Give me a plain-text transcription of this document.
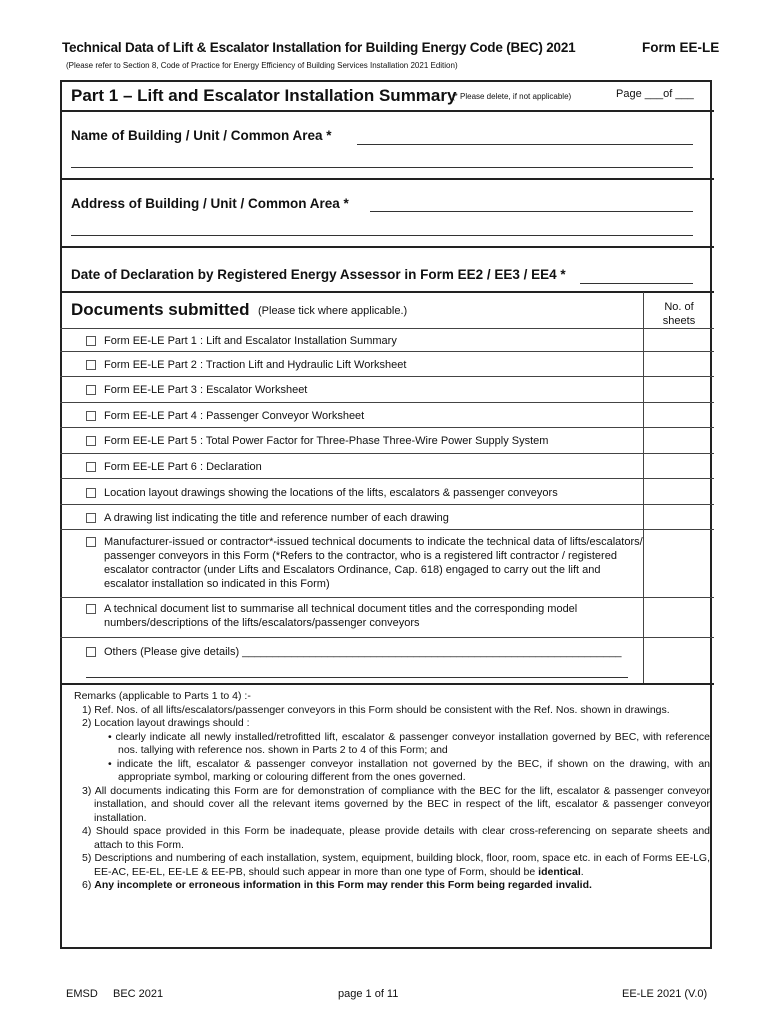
Technical Data of Lift & Escalator Installation for Building Energy Code (BEC) 2021	Form EE-LE
(Please refer to Section 8, Code of Practice for Energy Efficiency of Building Services Installation 2021 Edition)
Part 1 – Lift and Escalator Installation Summary
(* Please delete, if not applicable)	Page ___of ___
Name of Building / Unit / Common Area *
Address of Building / Unit / Common Area *
Date of Declaration by Registered Energy Assessor in Form EE2 / EE3 / EE4 *
Documents submitted (Please tick where applicable.)	No. of
sheets
Form EE-LE Part 1 : Lift and Escalator Installation Summary
Form EE-LE Part 2 : Traction Lift and Hydraulic Lift Worksheet
Form EE-LE Part 3 : Escalator Worksheet
Form EE-LE Part 4 : Passenger Conveyor Worksheet
Form EE-LE Part 5 : Total Power Factor for Three-Phase Three-Wire Power Supply System
Form EE-LE Part 6 : Declaration
Location layout drawings showing the locations of the lifts, escalators & passenger conveyors
A drawing list indicating the title and reference number of each drawing
Manufacturer-issued or contractor*-issued technical documents to indicate the technical data of lifts/escalators/ passenger conveyors in this Form (*Refers to the contractor, who is a registered lift contractor / registered escalator contractor (under Lifts and Escalators Ordinance, Cap. 618) engaged to carry out the lift and escalator installation so indicated in this Form)
A technical document list to summarise all technical document titles and the corresponding model numbers/descriptions of the lifts/escalators/passenger conveyors
Others (Please give details) ______________________________________________________________
Remarks (applicable to Parts 1 to 4) :-
1) Ref. Nos. of all lifts/escalators/passenger conveyors in this Form should be consistent with the Ref. Nos. shown in drawings.
2) Location layout drawings should :
• clearly indicate all newly installed/retrofitted lift, escalator & passenger conveyor installation governed by BEC, with reference nos. tallying with reference nos. shown in Parts 2 to 4 of this Form; and
• indicate the lift, escalator & passenger conveyor installation not governed by the BEC, if shown on the drawing, with an appropriate symbol, marking or colouring different from the ones governed.
3) All documents indicating this Form are for demonstration of compliance with the BEC for the lift, escalator & passenger conveyor installation, and should cover all the relevant items governed by the BEC in respect of the lift, escalator & passenger conveyor installation.
4) Should space provided in this Form be inadequate, please provide details with clear cross-referencing on separate sheets and attach to this Form.
5) Descriptions and numbering of each installation, system, equipment, building block, floor, room, space etc. in each of Forms EE-LG, EE-AC, EE-EL, EE-LE & EE-PB, should such appear in more than one type of Form, should be identical.
6) Any incomplete or erroneous information in this Form may render this Form being regarded invalid.
EMSD BEC 2021	page 1 of 11	EE-LE 2021 (V.0)
